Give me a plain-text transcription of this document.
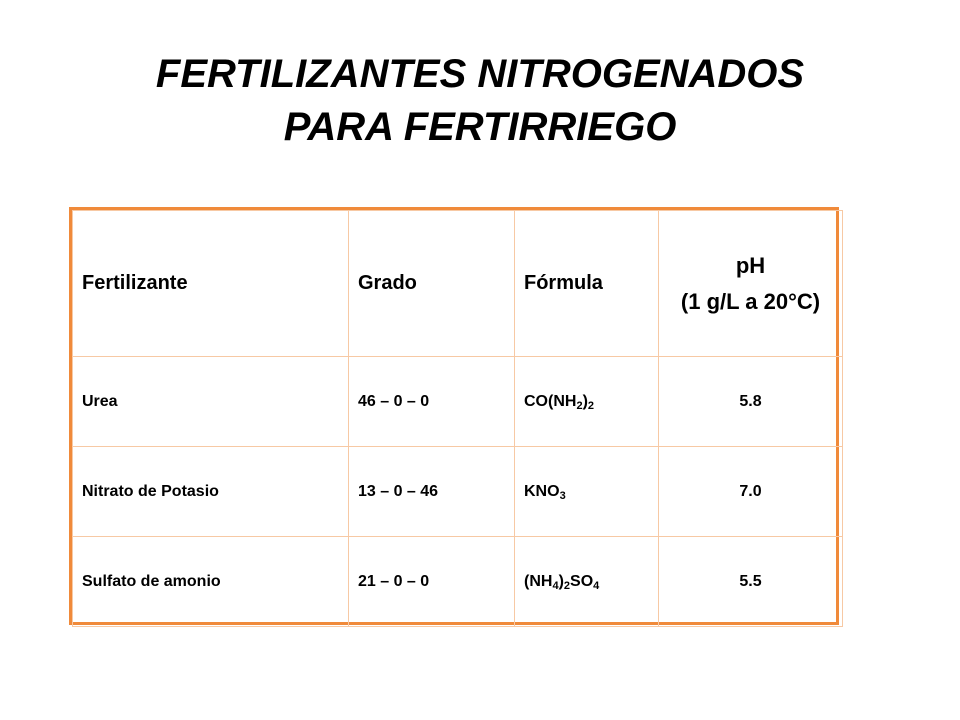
FERTILIZANTES NITROGENADOS
PARA FERTIRRIEGO
Fertilizante	Grado	Fórmula	pH
(1 g/L a 20°C)
Urea	46 – 0 – 0	$CO(NH_2)_2$	5.8
Nitrato de Potasio	13 – 0 – 46	$KNO_3$	7.0
Sulfato de amonio	21 – 0 – 0	$(NH_4)_2SO_4$	5.5
